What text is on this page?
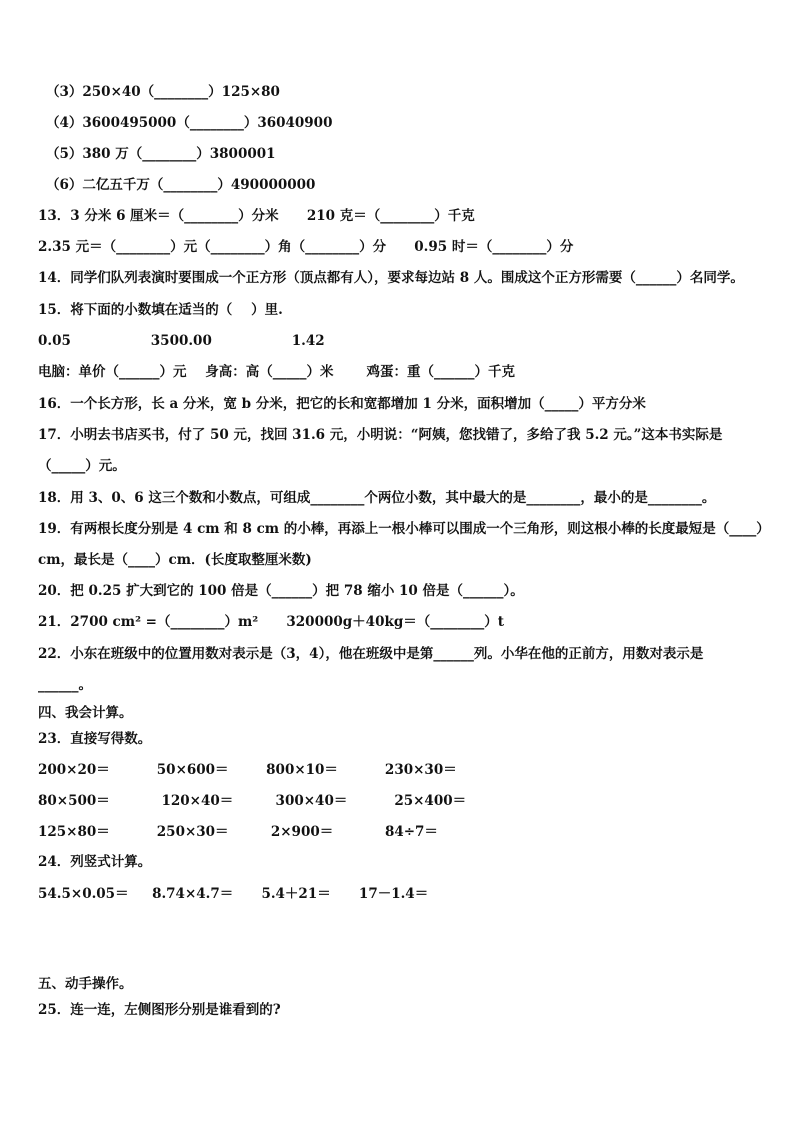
（3）250×40（________）125×80
（4）3600495000（________）36040900
（5）380 万（________）3800001
（6）二亿五千万（________）490000000
13．3 分米 6 厘米＝（________）分米      210 克＝（________）千克
2.35 元＝（________）元（________）角（________）分      0.95 时＝（________）分
14．同学们队列表演时要围成一个正方形（顶点都有人），要求每边站 8 人。围成这个正方形需要（______）名同学。
15．将下面的小数填在适当的（    ）里.
0.05                 3500.00                 1.42
电脑：单价（______）元    身高：高（_____）米       鸡蛋：重（______）千克
16．一个长方形，长 a 分米，宽 b 分米，把它的长和宽都增加 1 分米，面积增加（_____）平方分米
17．小明去书店买书，付了 50 元，找回 31.6 元，小明说：“阿姨，您找错了，多给了我 5.2 元。”这本书实际是
（_____）元。
18．用 3、0、6 这三个数和小数点，可组成________个两位小数，其中最大的是________，最小的是________。
19．有两根长度分别是 4 cm 和 8 cm 的小棒，再添上一根小棒可以围成一个三角形，则这根小棒的长度最短是（____）
cm，最长是（____）cm．(长度取整厘米数)
20．把 0.25 扩大到它的 100 倍是（______）把 78 缩小 10 倍是（______）。
21．2700 cm² =（________）m²      320000g＋40kg＝（________）t
22．小东在班级中的位置用数对表示是（3，4），他在班级中是第______列。小华在他的正前方，用数对表示是
______。
四、我会计算。
23．直接写得数。
200×20＝          50×600＝        800×10＝          230×30＝
80×500＝           120×40＝         300×40＝          25×400＝
125×80＝          250×30＝         2×900＝           84÷7＝
24．列竖式计算。
54.5×0.05＝     8.74×4.7＝      5.4＋21＝      17－1.4＝
五、动手操作。
25．连一连，左侧图形分别是谁看到的?
